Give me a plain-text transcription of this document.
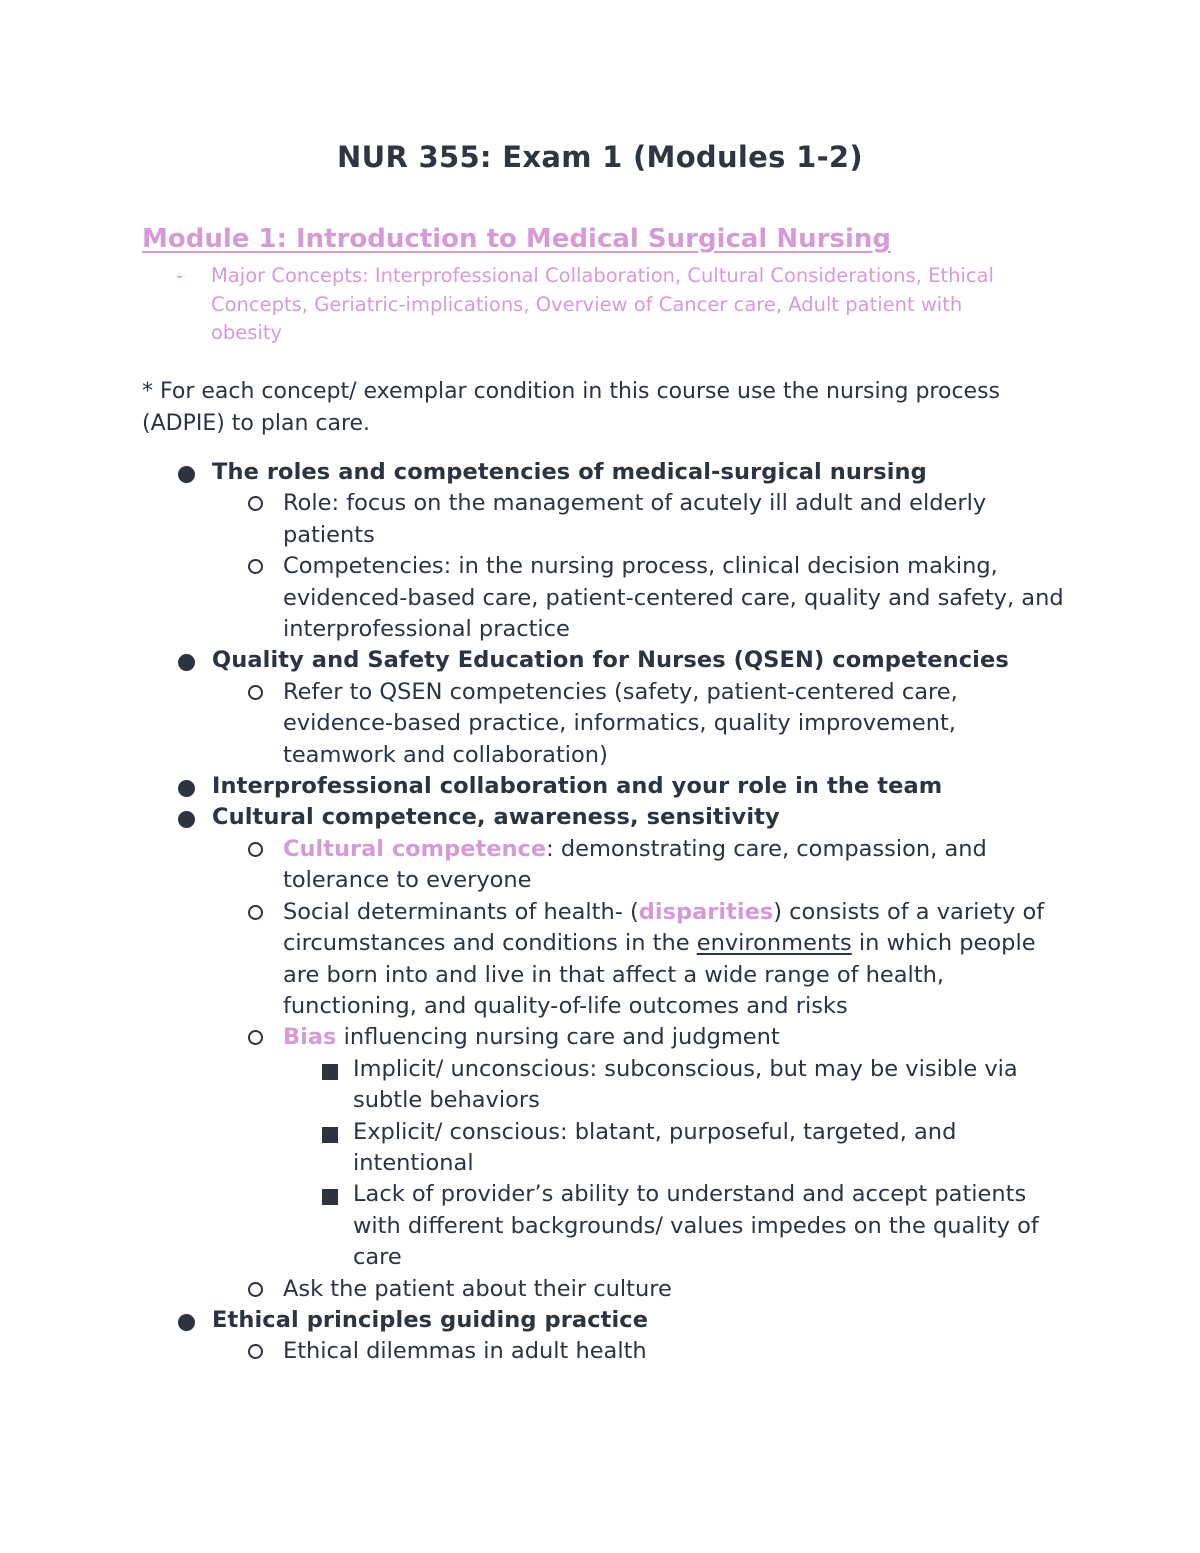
NUR 355: Exam 1 (Modules 1-2)
Module 1: Introduction to Medical Surgical Nursing
- Major Concepts: Interprofessional Collaboration, Cultural Considerations, Ethical Concepts, Geriatric-implications, Overview of Cancer care, Adult patient with obesity
* For each concept/ exemplar condition in this course use the nursing process (ADPIE) to plan care.
The roles and competencies of medical-surgical nursing
Role: focus on the management of acutely ill adult and elderly patients
Competencies: in the nursing process, clinical decision making, evidenced-based care, patient-centered care, quality and safety, and interprofessional practice
Quality and Safety Education for Nurses (QSEN) competencies
Refer to QSEN competencies (safety, patient-centered care, evidence-based practice, informatics, quality improvement, teamwork and collaboration)
Interprofessional collaboration and your role in the team
Cultural competence, awareness, sensitivity
Cultural competence: demonstrating care, compassion, and tolerance to everyone
Social determinants of health- (disparities) consists of a variety of circumstances and conditions in the environments in which people are born into and live in that affect a wide range of health, functioning, and quality-of-life outcomes and risks
Bias influencing nursing care and judgment
Implicit/ unconscious: subconscious, but may be visible via subtle behaviors
Explicit/ conscious: blatant, purposeful, targeted, and intentional
Lack of provider’s ability to understand and accept patients with different backgrounds/ values impedes on the quality of care
Ask the patient about their culture
Ethical principles guiding practice
Ethical dilemmas in adult health
